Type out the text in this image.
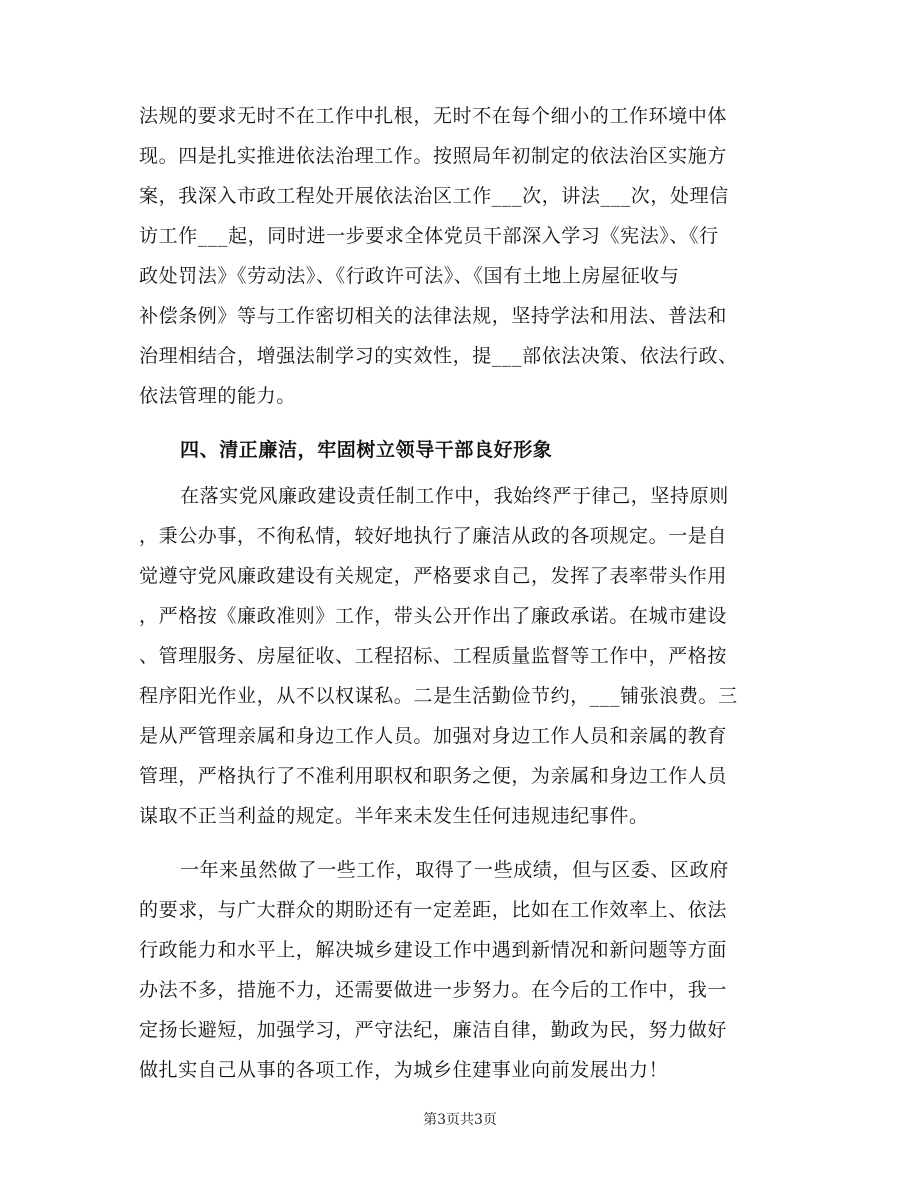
法规的要求无时不在工作中扎根，无时不在每个细小的工作环境中体
现。四是扎实推进依法治理工作。按照局年初制定的依法治区实施方
案，我深入市政工程处开展依法治区工作___次，讲法___次，处理信
访工作___起，同时进一步要求全体党员干部深入学习《宪法》、《行
政处罚法》《劳动法》、《行政许可法》、《国有土地上房屋征收与
补偿条例》等与工作密切相关的法律法规，坚持学法和用法、普法和
治理相结合，增强法制学习的实效性，提___部依法决策、依法行政、
依法管理的能力。
四、清正廉洁，牢固树立领导干部良好形象
在落实党风廉政建设责任制工作中，我始终严于律己，坚持原则
，秉公办事，不徇私情，较好地执行了廉洁从政的各项规定。一是自
觉遵守党风廉政建设有关规定，严格要求自己，发挥了表率带头作用
，严格按《廉政准则》工作，带头公开作出了廉政承诺。在城市建设
、管理服务、房屋征收、工程招标、工程质量监督等工作中，严格按
程序阳光作业，从不以权谋私。二是生活勤俭节约，___铺张浪费。三
是从严管理亲属和身边工作人员。加强对身边工作人员和亲属的教育
管理，严格执行了不准利用职权和职务之便，为亲属和身边工作人员
谋取不正当利益的规定。半年来未发生任何违规违纪事件。
一年来虽然做了一些工作，取得了一些成绩，但与区委、区政府
的要求，与广大群众的期盼还有一定差距，比如在工作效率上、依法
行政能力和水平上，解决城乡建设工作中遇到新情况和新问题等方面
办法不多，措施不力，还需要做进一步努力。在今后的工作中，我一
定扬长避短，加强学习，严守法纪，廉洁自律，勤政为民，努力做好
做扎实自己从事的各项工作，为城乡住建事业向前发展出力！
第3页共3页
